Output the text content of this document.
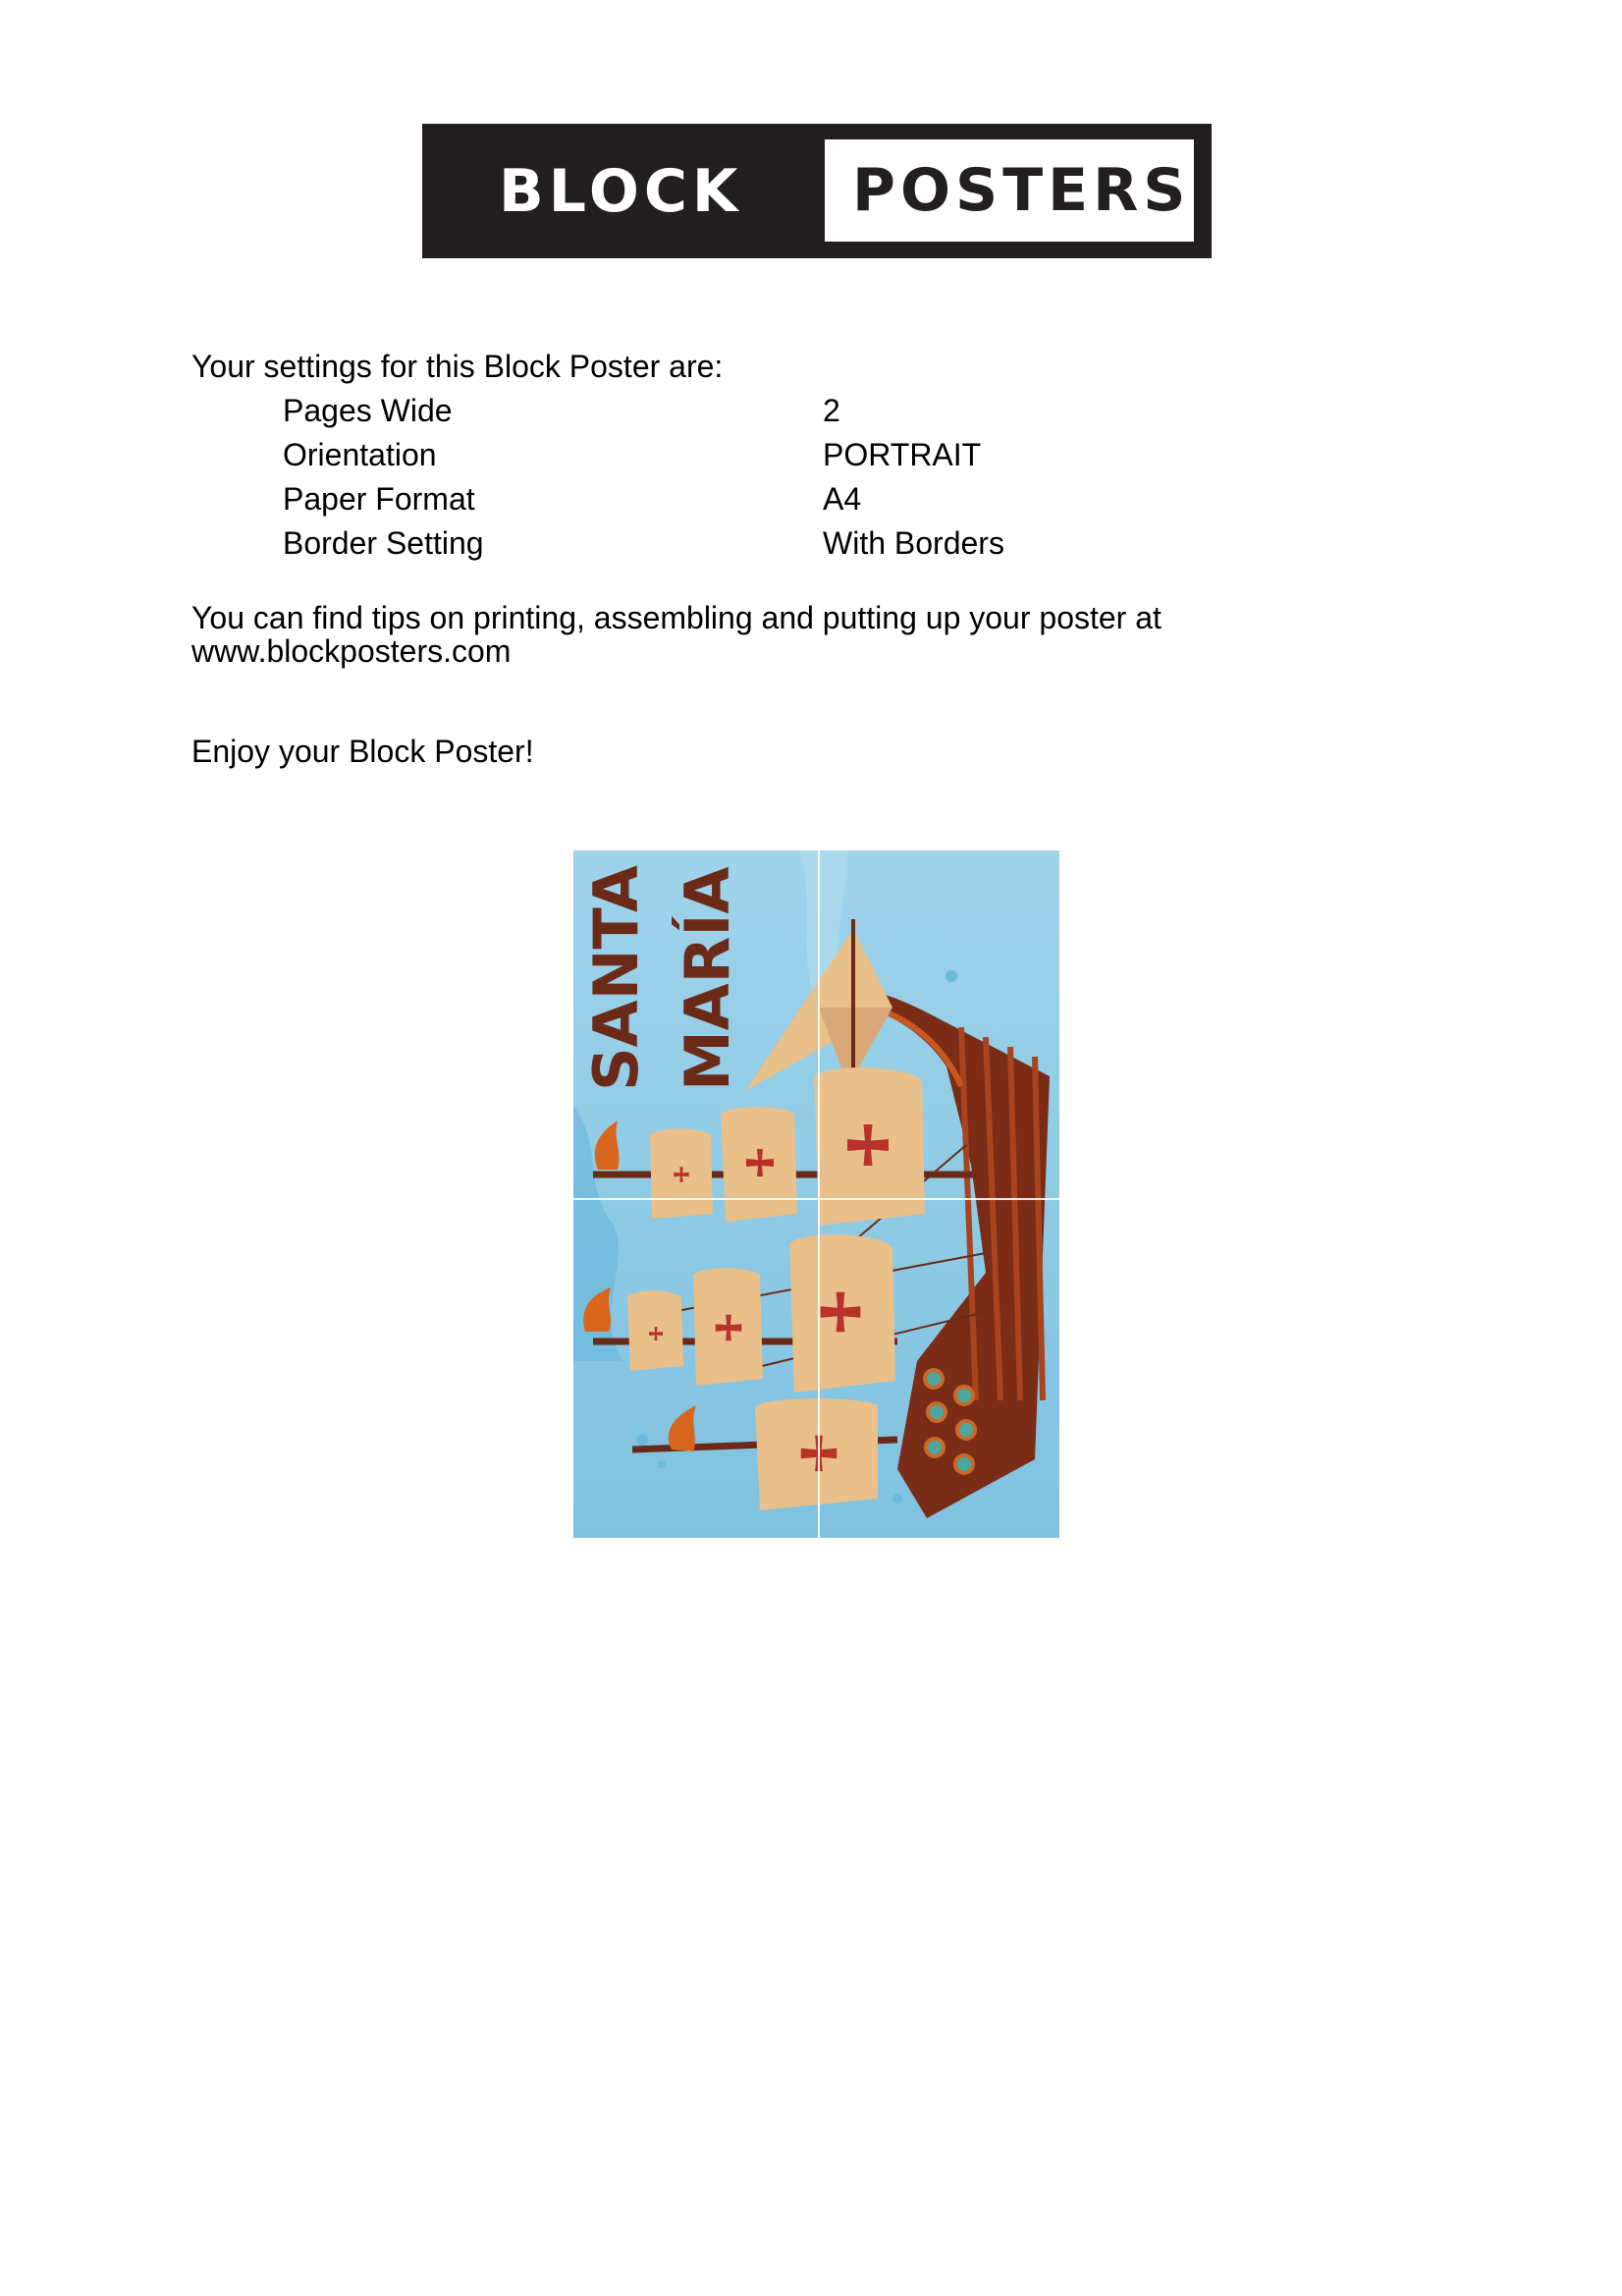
BLOCK POSTERS
Your settings for this Block Poster are:
Pages Wide	2
Orientation	PORTRAIT
Paper Format	A4
Border Setting	With Borders
You can find tips on printing, assembling and putting up your poster at
www.blockposters.com
Enjoy your Block Poster!
SANTA MARÍA
